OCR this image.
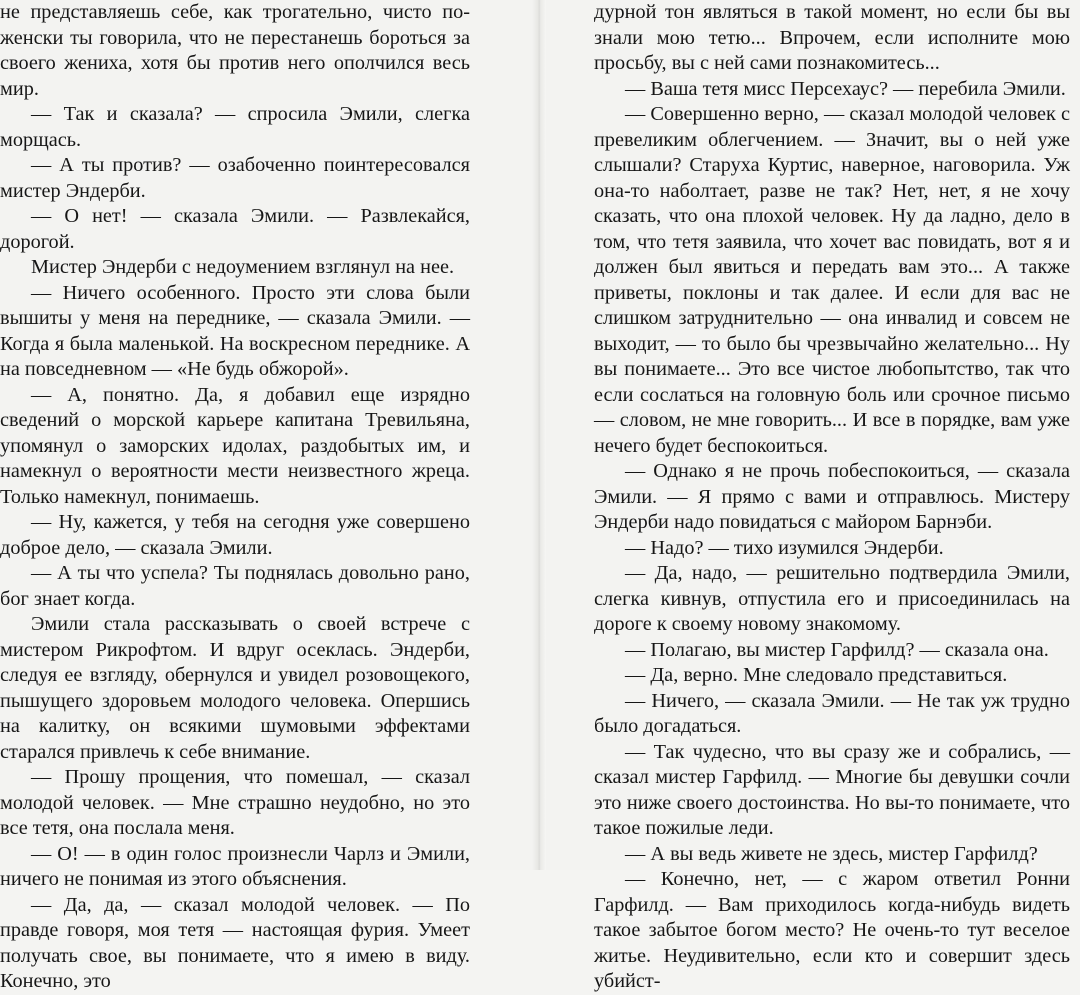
не представляешь себе, как трогательно, чисто по-женски ты говорила, что не перестанешь бороться за своего жениха, хотя бы против него ополчился весь мир.

— Так и сказала? — спросила Эмили, слегка морщась.

— А ты против? — озабоченно поинтересовался мистер Эндерби.

— О нет! — сказала Эмили. — Развлекайся, дорогой.

Мистер Эндерби с недоумением взглянул на нее.

— Ничего особенного. Просто эти слова были вышиты у меня на переднике, — сказала Эмили. — Когда я была маленькой. На воскресном переднике. А на повседневном — «Не будь обжорой».

— А, понятно. Да, я добавил еще изрядно сведений о морской карьере капитана Тревильяна, упомянул о заморских идолах, раздобытых им, и намекнул о вероятности мести неизвестного жреца. Только намекнул, понимаешь.

— Ну, кажется, у тебя на сегодня уже совершено доброе дело, — сказала Эмили.

— А ты что успела? Ты поднялась довольно рано, бог знает когда.

Эмили стала рассказывать о своей встрече с мистером Рикрофтом. И вдруг осеклась. Эндерби, следуя ее взгляду, обернулся и увидел розовощекого, пышущего здоровьем молодого человека. Опершись на калитку, он всякими шумовыми эффектами старался привлечь к себе внимание.

— Прошу прощения, что помешал, — сказал молодой человек. — Мне страшно неудобно, но это все тетя, она послала меня.

— О! — в один голос произнесли Чарлз и Эмили, ничего не понимая из этого объяснения.

— Да, да, — сказал молодой человек. — По правде говоря, моя тетя — настоящая фурия. Умеет получать свое, вы понимаете, что я имею в виду. Конечно, это

дурной тон являться в такой момент, но если бы вы знали мою тетю... Впрочем, если исполните мою просьбу, вы с ней сами познакомитесь...

— Ваша тетя мисс Персехаус? — перебила Эмили.

— Совершенно верно, — сказал молодой человек с превеликим облегчением. — Значит, вы о ней уже слышали? Старуха Куртис, наверное, наговорила. Уж она-то наболтает, разве не так? Нет, нет, я не хочу сказать, что она плохой человек. Ну да ладно, дело в том, что тетя заявила, что хочет вас повидать, вот я и должен был явиться и передать вам это... А также приветы, поклоны и так далее. И если для вас не слишком затруднительно — она инвалид и совсем не выходит, — то было бы чрезвычайно желательно... Ну вы понимаете... Это все чистое любопытство, так что если сослаться на головную боль или срочное письмо — словом, не мне говорить... И все в порядке, вам уже нечего будет беспокоиться.

— Однако я не прочь побеспокоиться, — сказала Эмили. — Я прямо с вами и отправлюсь. Мистеру Эндерби надо повидаться с майором Барнэби.

— Надо? — тихо изумился Эндерби.

— Да, надо, — решительно подтвердила Эмили, слегка кивнув, отпустила его и присоединилась на дороге к своему новому знакомому.

— Полагаю, вы мистер Гарфилд? — сказала она.

— Да, верно. Мне следовало представиться.

— Ничего, — сказала Эмили. — Не так уж трудно было догадаться.

— Так чудесно, что вы сразу же и собрались, — сказал мистер Гарфилд. — Многие бы девушки сочли это ниже своего достоинства. Но вы-то понимаете, что такое пожилые леди.

— А вы ведь живете не здесь, мистер Гарфилд?

— Конечно, нет, — с жаром ответил Ронни Гарфилд. — Вам приходилось когда-нибудь видеть такое забытое богом место? Не очень-то тут веселое житье. Неудивительно, если кто и совершит здесь убийст-
